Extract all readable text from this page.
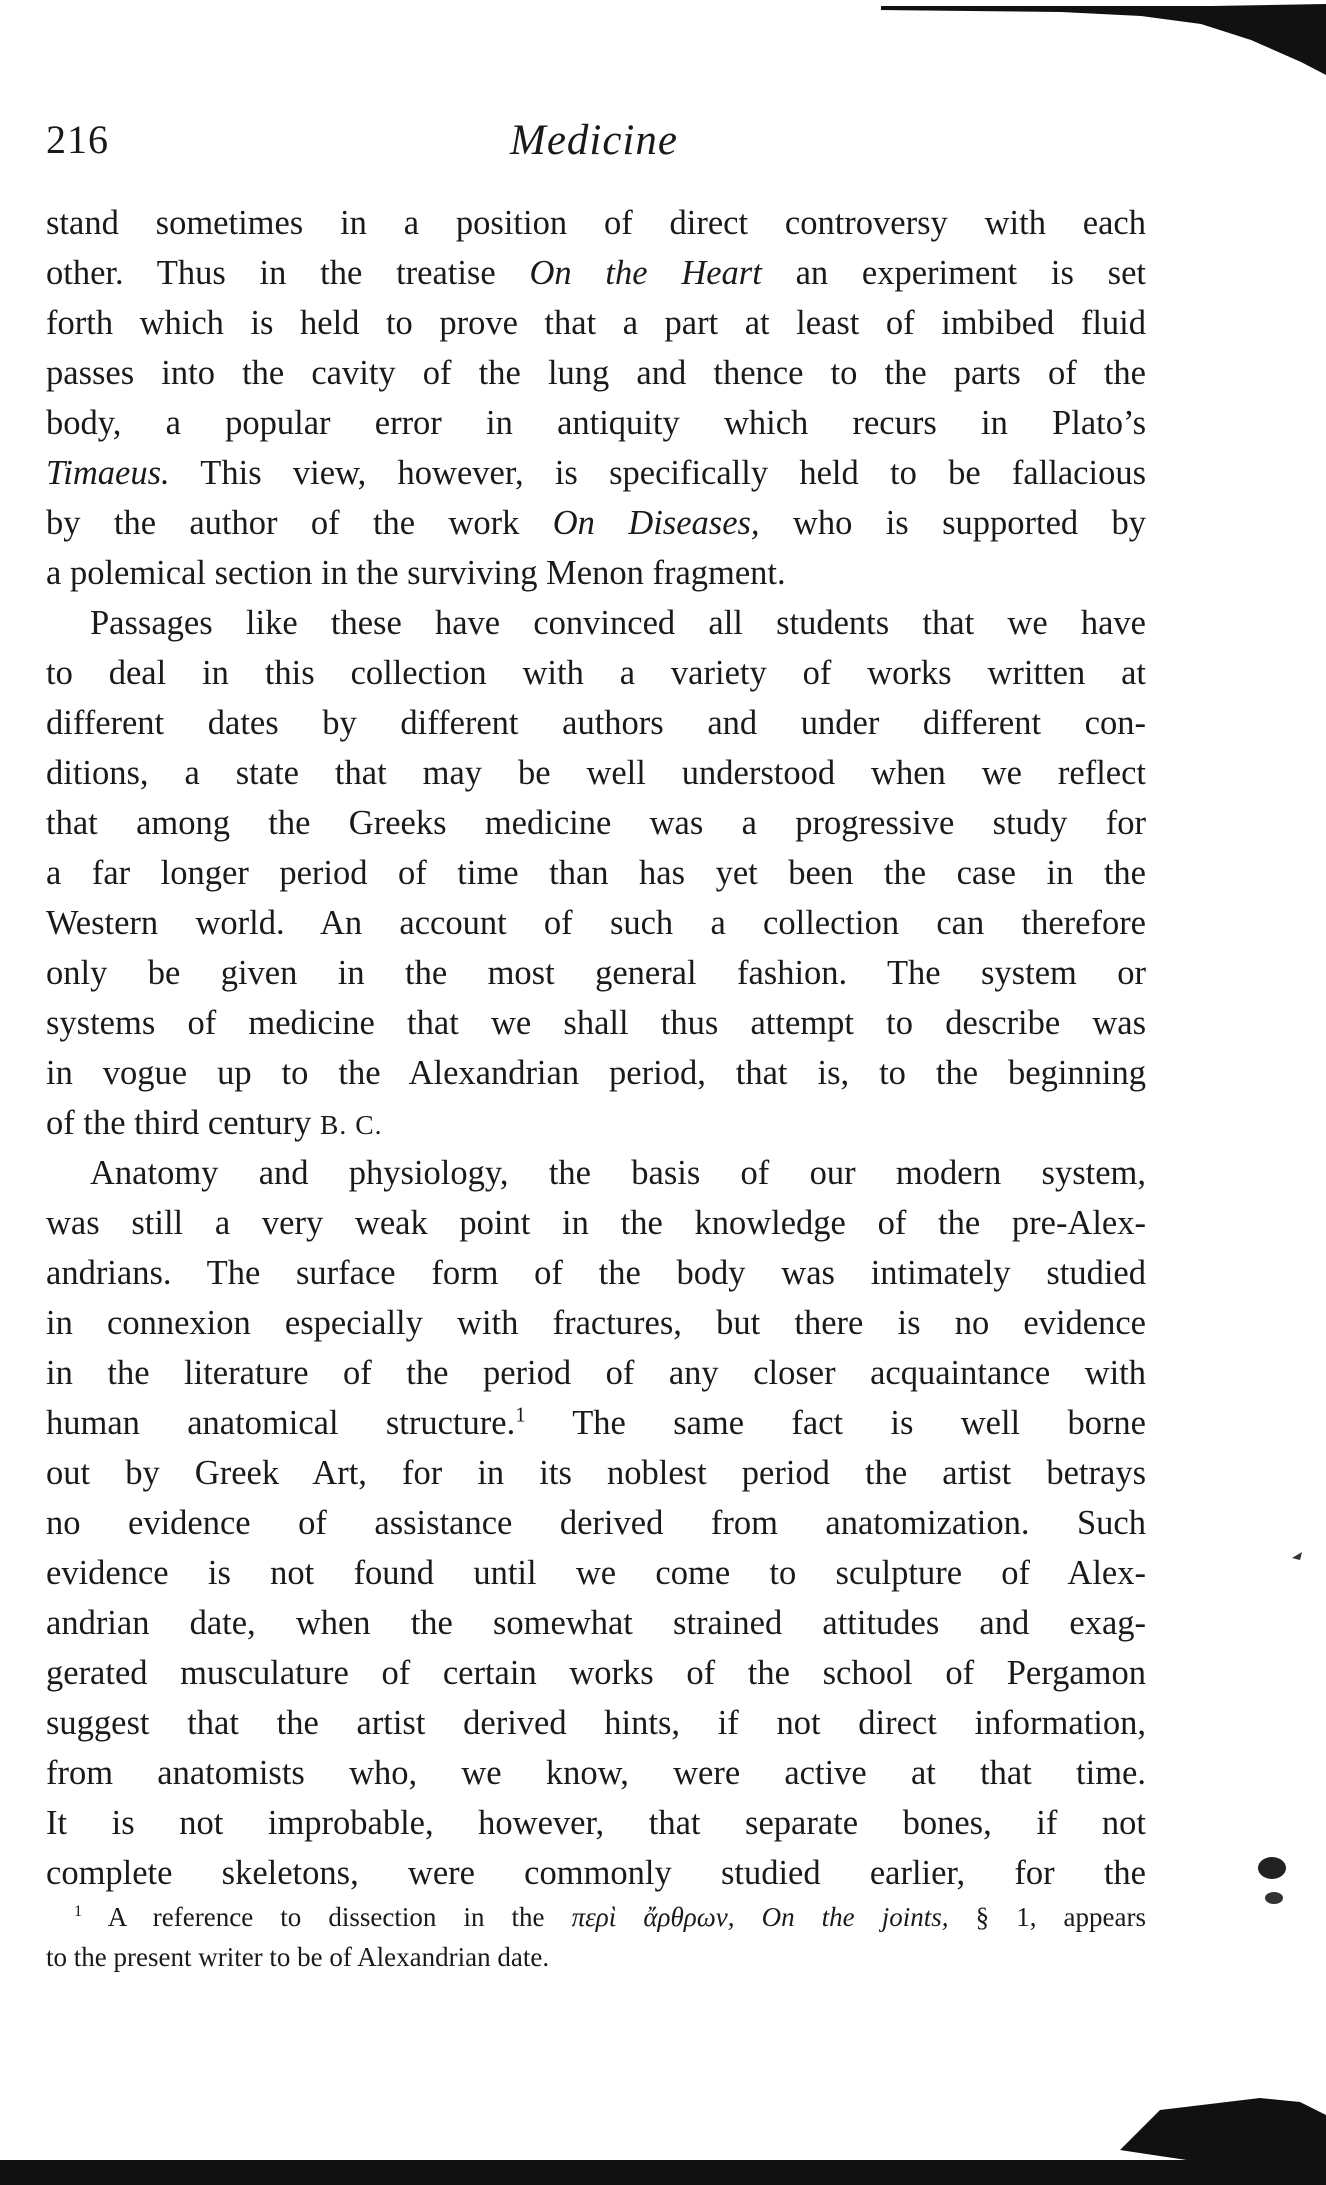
216	Medicine
stand sometimes in a position of direct controversy with each
other. Thus in the treatise On the Heart an experiment is set
forth which is held to prove that a part at least of imbibed fluid
passes into the cavity of the lung and thence to the parts of the
body, a popular error in antiquity which recurs in Plato’s
Timaeus. This view, however, is specifically held to be fallacious
by the author of the work On Diseases, who is supported by
a polemical section in the surviving Menon fragment.
Passages like these have convinced all students that we have
to deal in this collection with a variety of works written at
different dates by different authors and under different con-
ditions, a state that may be well understood when we reflect
that among the Greeks medicine was a progressive study for
a far longer period of time than has yet been the case in the
Western world. An account of such a collection can therefore
only be given in the most general fashion. The system or
systems of medicine that we shall thus attempt to describe was
in vogue up to the Alexandrian period, that is, to the beginning
of the third century B. C.
Anatomy and physiology, the basis of our modern system,
was still a very weak point in the knowledge of the pre-Alex-
andrians. The surface form of the body was intimately studied
in connexion especially with fractures, but there is no evidence
in the literature of the period of any closer acquaintance with
human anatomical structure.$^1$ The same fact is well borne
out by Greek Art, for in its noblest period the artist betrays
no evidence of assistance derived from anatomization. Such
evidence is not found until we come to sculpture of Alex-
andrian date, when the somewhat strained attitudes and exag-
gerated musculature of certain works of the school of Pergamon
suggest that the artist derived hints, if not direct information,
from anatomists who, we know, were active at that time.
It is not improbable, however, that separate bones, if not
complete skeletons, were commonly studied earlier, for the
$^1$ A reference to dissection in the περὶ ἄρθρων, On the joints, § 1, appears
to the present writer to be of Alexandrian date.
